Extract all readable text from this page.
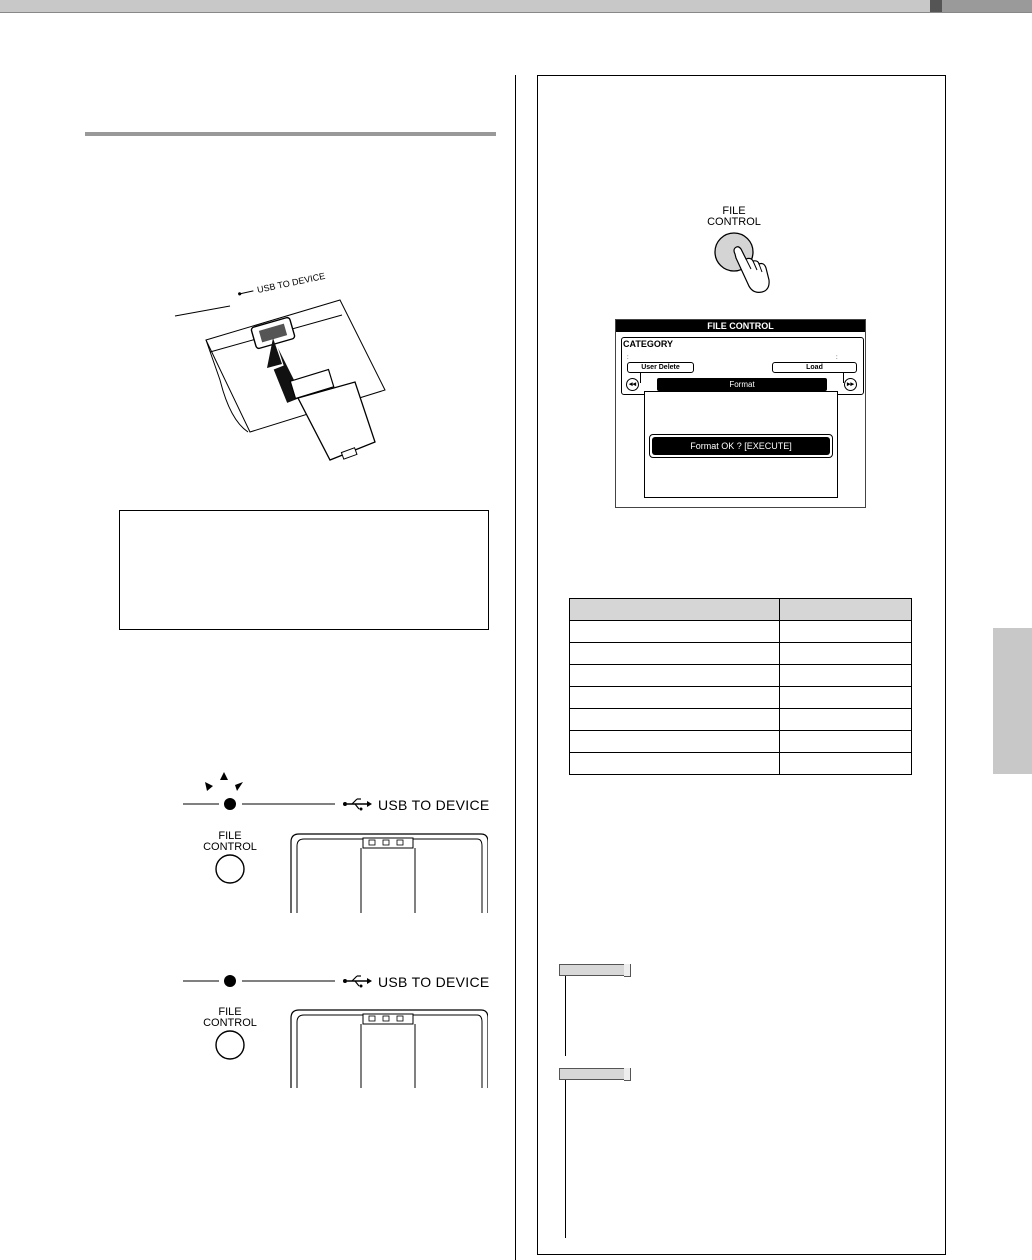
USB TO DEVICE
USB TO DEVICE
FILE
CONTROL
USB TO DEVICE
FILE
CONTROL
FILE
CONTROL
FILE CONTROL
CATEGORY
:	:
User Delete	Load
◂◂	▸▸
Format
Format OK ? [EXECUTE]
